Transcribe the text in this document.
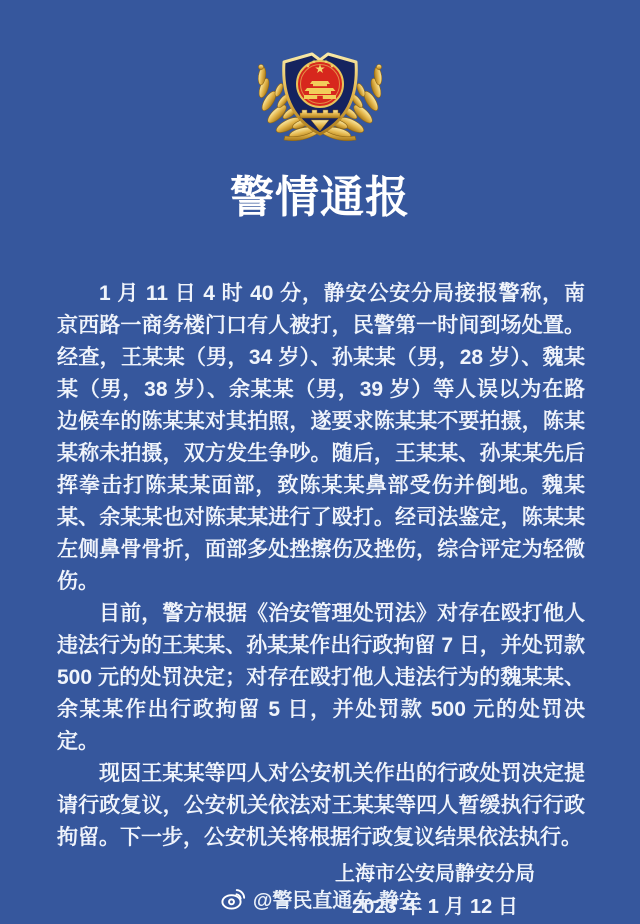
警情通报

1 月 11 日 4 时 40 分，静安公安分局接报警称，南京西路一商务楼门口有人被打，民警第一时间到场处置。经查，王某某（男，34 岁）、孙某某（男，28 岁）、魏某某（男，38 岁）、余某某（男，39 岁）等人误以为在路边候车的陈某某对其拍照，遂要求陈某某不要拍摄，陈某某称未拍摄，双方发生争吵。随后，王某某、孙某某先后挥拳击打陈某某面部，致陈某某鼻部受伤并倒地。魏某某、余某某也对陈某某进行了殴打。经司法鉴定，陈某某左侧鼻骨骨折，面部多处挫擦伤及挫伤，综合评定为轻微伤。

目前，警方根据《治安管理处罚法》对存在殴打他人违法行为的王某某、孙某某作出行政拘留 7 日，并处罚款 500 元的处罚决定；对存在殴打他人违法行为的魏某某、余某某作出行政拘留 5 日，并处罚款 500 元的处罚决定。

现因王某某等四人对公安机关作出的行政处罚决定提请行政复议，公安机关依法对王某某等四人暂缓执行行政拘留。下一步，公安机关将根据行政复议结果依法执行。

上海市公安局静安分局
2023 年 1 月 12 日
@警民直通车-静安
